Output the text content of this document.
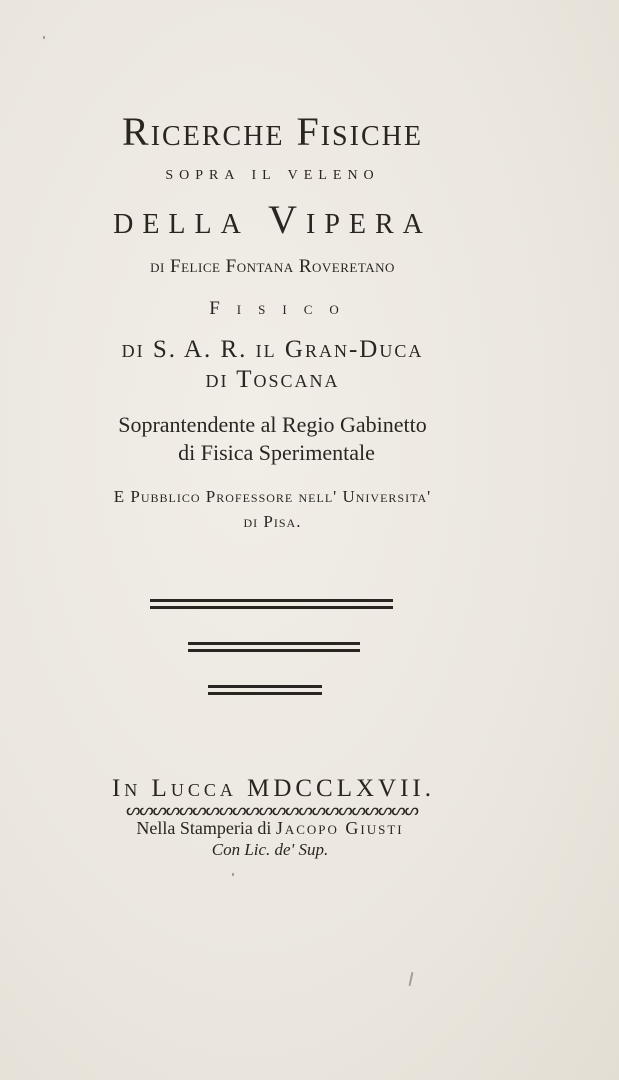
Ricerche Fisiche

sopra il veleno

della Vipera

di Felice Fontana Roveretano

Fisico

di S. A. R. il Gran-Duca

di Toscana

Soprantendente al Regio Gabinetto

di Fisica Sperimentale

E Pubblico Professore nell' Universita'

di Pisa.

In Lucca MDCCLXVII.

ᔕᔕᔕᔕᔕᔕᔕᔕᔕᔕᔕᔕᔕᔕᔕᔕᔕᔕᔕᔕᔕᔕ

Nella Stamperia di Jacopo Giusti

Con Lic. de' Sup.
